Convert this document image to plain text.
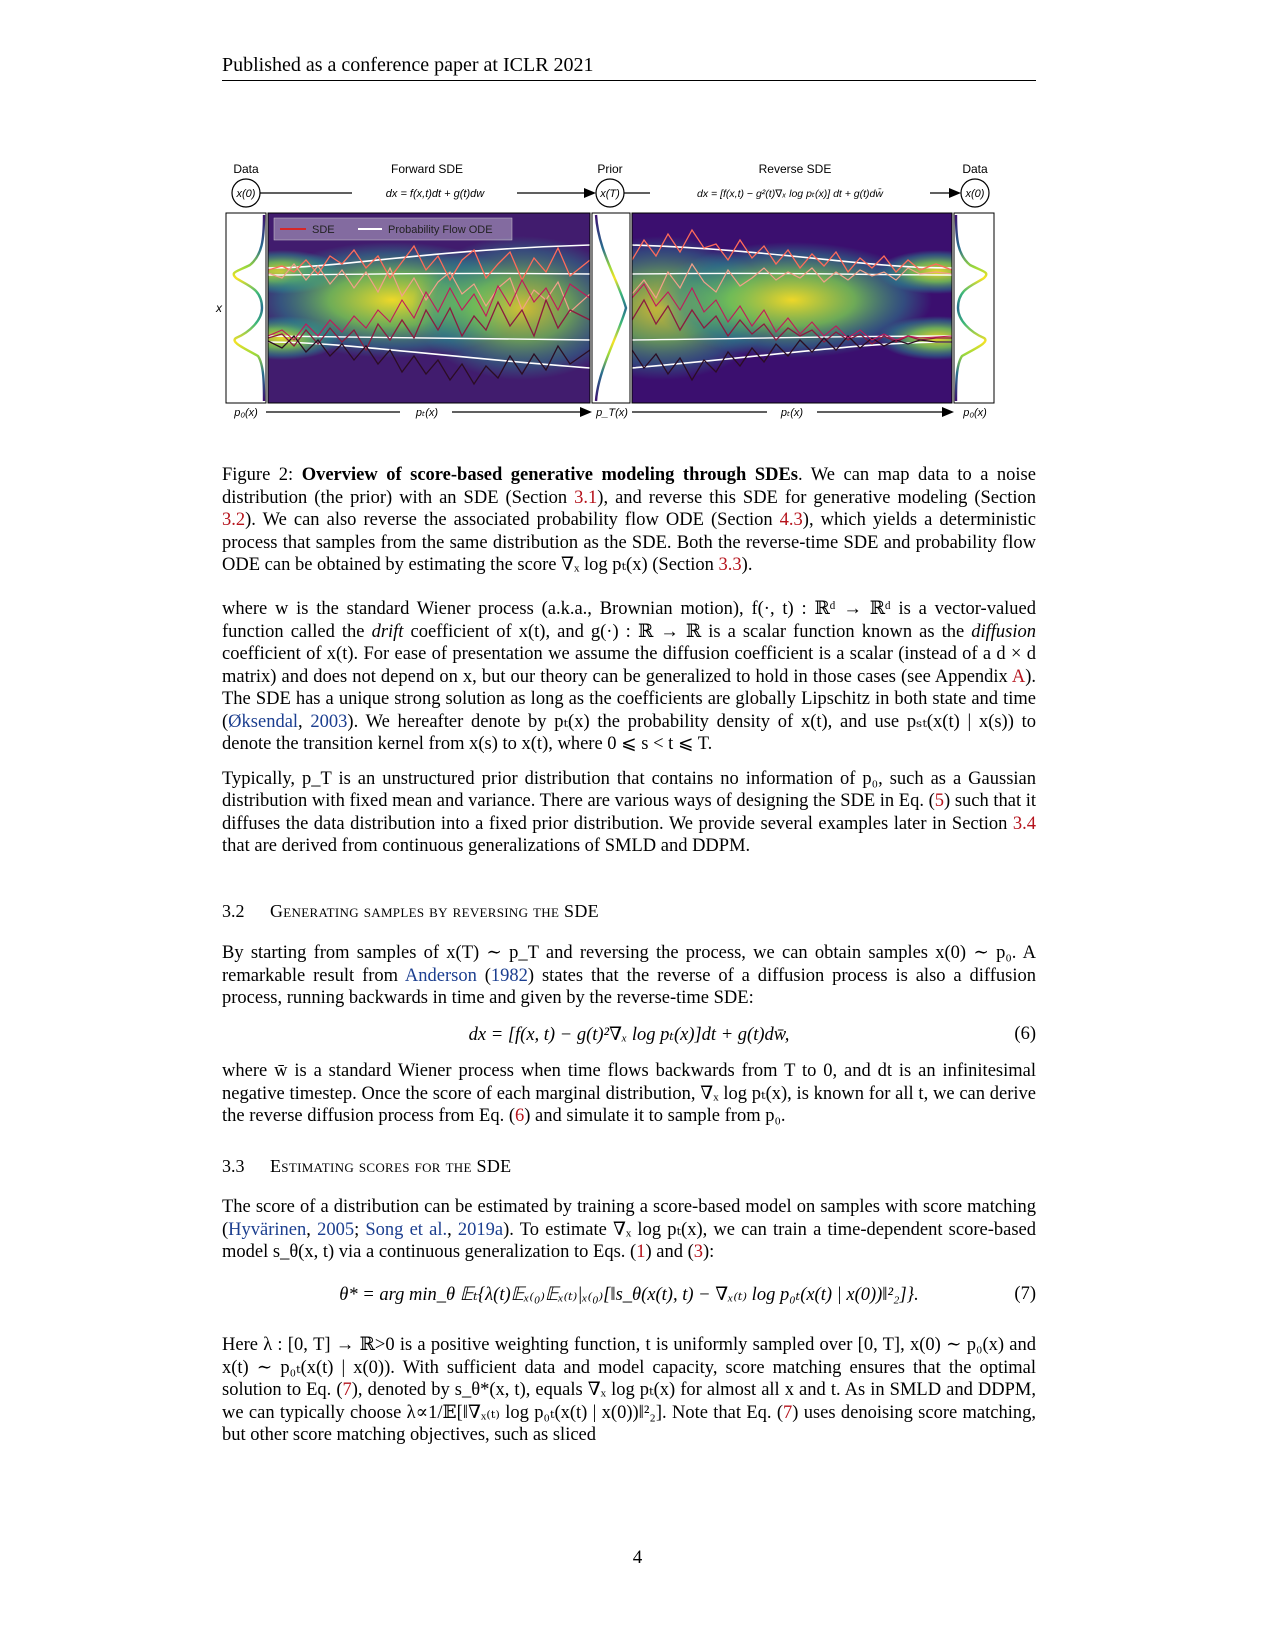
Published as a conference paper at ICLR 2021
Data	Forward SDE	Prior	Reverse SDE	Data
x(0)	x(T)	x(0)
dx = f(x,t)dt + g(t)dw	dx = [f(x,t) − g²(t)∇ₓ log pₜ(x)] dt + g(t)dw̄
x
SDE	Probability Flow ODE
p₀(x)	pₜ(x)	p_T(x)	pₜ(x)	p₀(x)
Figure 2: Overview of score-based generative modeling through SDEs. We can map data to a noise distribution (the prior) with an SDE (Section 3.1), and reverse this SDE for generative modeling (Section 3.2). We can also reverse the associated probability flow ODE (Section 4.3), which yields a deterministic process that samples from the same distribution as the SDE. Both the reverse-time SDE and probability flow ODE can be obtained by estimating the score ∇ₓ log pₜ(x) (Section 3.3).

where w is the standard Wiener process (a.k.a., Brownian motion), f(·, t) : ℝᵈ → ℝᵈ is a vector-valued function called the drift coefficient of x(t), and g(·) : ℝ → ℝ is a scalar function known as the diffusion coefficient of x(t). For ease of presentation we assume the diffusion coefficient is a scalar (instead of a d × d matrix) and does not depend on x, but our theory can be generalized to hold in those cases (see Appendix A). The SDE has a unique strong solution as long as the coefficients are globally Lipschitz in both state and time (Øksendal, 2003). We hereafter denote by pₜ(x) the probability density of x(t), and use pₛₜ(x(t) | x(s)) to denote the transition kernel from x(s) to x(t), where 0 ⩽ s < t ⩽ T.

Typically, p_T is an unstructured prior distribution that contains no information of p₀, such as a Gaussian distribution with fixed mean and variance. There are various ways of designing the SDE in Eq. (5) such that it diffuses the data distribution into a fixed prior distribution. We provide several examples later in Section 3.4 that are derived from continuous generalizations of SMLD and DDPM.

3.2 Generating samples by reversing the SDE
By starting from samples of x(T) ∼ p_T and reversing the process, we can obtain samples x(0) ∼ p₀. A remarkable result from Anderson (1982) states that the reverse of a diffusion process is also a diffusion process, running backwards in time and given by the reverse-time SDE:
dx = [f(x, t) − g(t)²∇ₓ log pₜ(x)]dt + g(t)dw̄,	(6)
where w̄ is a standard Wiener process when time flows backwards from T to 0, and dt is an infinitesimal negative timestep. Once the score of each marginal distribution, ∇ₓ log pₜ(x), is known for all t, we can derive the reverse diffusion process from Eq. (6) and simulate it to sample from p₀.
3.3 Estimating scores for the SDE
The score of a distribution can be estimated by training a score-based model on samples with score matching (Hyvärinen, 2005; Song et al., 2019a). To estimate ∇ₓ log pₜ(x), we can train a time-dependent score-based model s_θ(x, t) via a continuous generalization to Eqs. (1) and (3):
θ* = arg min_θ 𝔼ₜ{λ(t)𝔼ₓ₍₀₎𝔼ₓ₍ₜ₎|ₓ₍₀₎[‖s_θ(x(t), t) − ∇ₓ₍ₜ₎ log p₀ₜ(x(t) | x(0))‖²₂]}.	(7)
Here λ : [0, T] → ℝ>0 is a positive weighting function, t is uniformly sampled over [0, T], x(0) ∼ p₀(x) and x(t) ∼ p₀ₜ(x(t) | x(0)). With sufficient data and model capacity, score matching ensures that the optimal solution to Eq. (7), denoted by s_θ*(x, t), equals ∇ₓ log pₜ(x) for almost all x and t. As in SMLD and DDPM, we can typically choose λ∝1/𝔼[‖∇ₓ₍ₜ₎ log p₀ₜ(x(t) | x(0))‖²₂]. Note that Eq. (7) uses denoising score matching, but other score matching objectives, such as sliced
4
